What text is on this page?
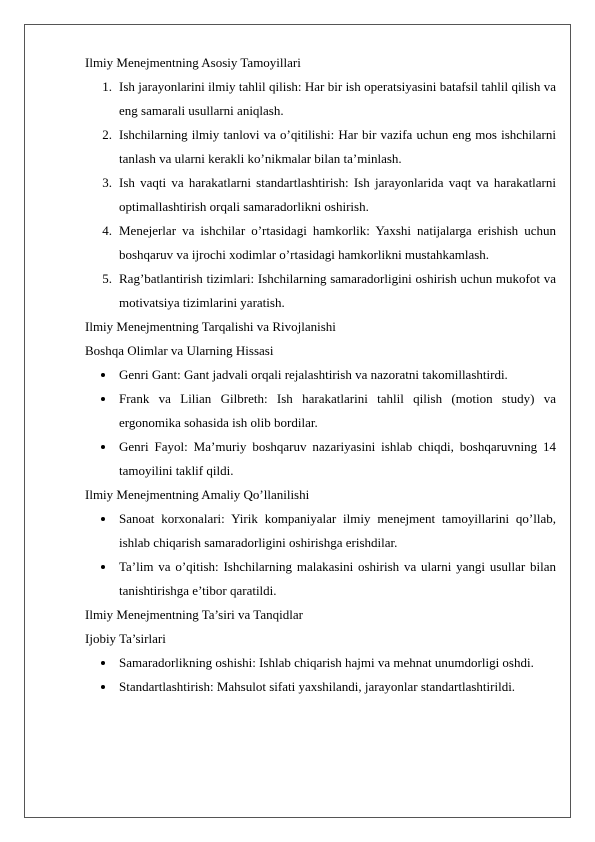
Ilmiy Menejmentning Asosiy Tamoyillari

1. Ish jarayonlarini ilmiy tahlil qilish: Har bir ish operatsiyasini batafsil tahlil qilish va eng samarali usullarni aniqlash.
2. Ishchilarning ilmiy tanlovi va o’qitilishi: Har bir vazifa uchun eng mos ishchilarni tanlash va ularni kerakli ko’nikmalar bilan ta’minlash.
3. Ish vaqti va harakatlarni standartlashtirish: Ish jarayonlarida vaqt va harakatlarni optimallashtirish orqali samaradorlikni oshirish.
4. Menejerlar va ishchilar o’rtasidagi hamkorlik: Yaxshi natijalarga erishish uchun boshqaruv va ijrochi xodimlar o’rtasidagi hamkorlikni mustahkamlash.
5. Rag’batlantirish tizimlari: Ishchilarning samaradorligini oshirish uchun mukofot va motivatsiya tizimlarini yaratish.

Ilmiy Menejmentning Tarqalishi va Rivojlanishi

Boshqa Olimlar va Ularning Hissasi

Genri Gant: Gant jadvali orqali rejalashtirish va nazoratni takomillashtirdi.
Frank va Lilian Gilbreth: Ish harakatlarini tahlil qilish (motion study) va ergonomika sohasida ish olib bordilar.
Genri Fayol: Ma’muriy boshqaruv nazariyasini ishlab chiqdi, boshqaruvning 14 tamoyilini taklif qildi.

Ilmiy Menejmentning Amaliy Qo’llanilishi

Sanoat korxonalari: Yirik kompaniyalar ilmiy menejment tamoyillarini qo’llab, ishlab chiqarish samaradorligini oshirishga erishdilar.
Ta’lim va o’qitish: Ishchilarning malakasini oshirish va ularni yangi usullar bilan tanishtirishga e’tibor qaratildi.

Ilmiy Menejmentning Ta’siri va Tanqidlar

Ijobiy Ta’sirlari

Samaradorlikning oshishi: Ishlab chiqarish hajmi va mehnat unumdorligi oshdi.
Standartlashtirish: Mahsulot sifati yaxshilandi, jarayonlar standartlashtirildi.
